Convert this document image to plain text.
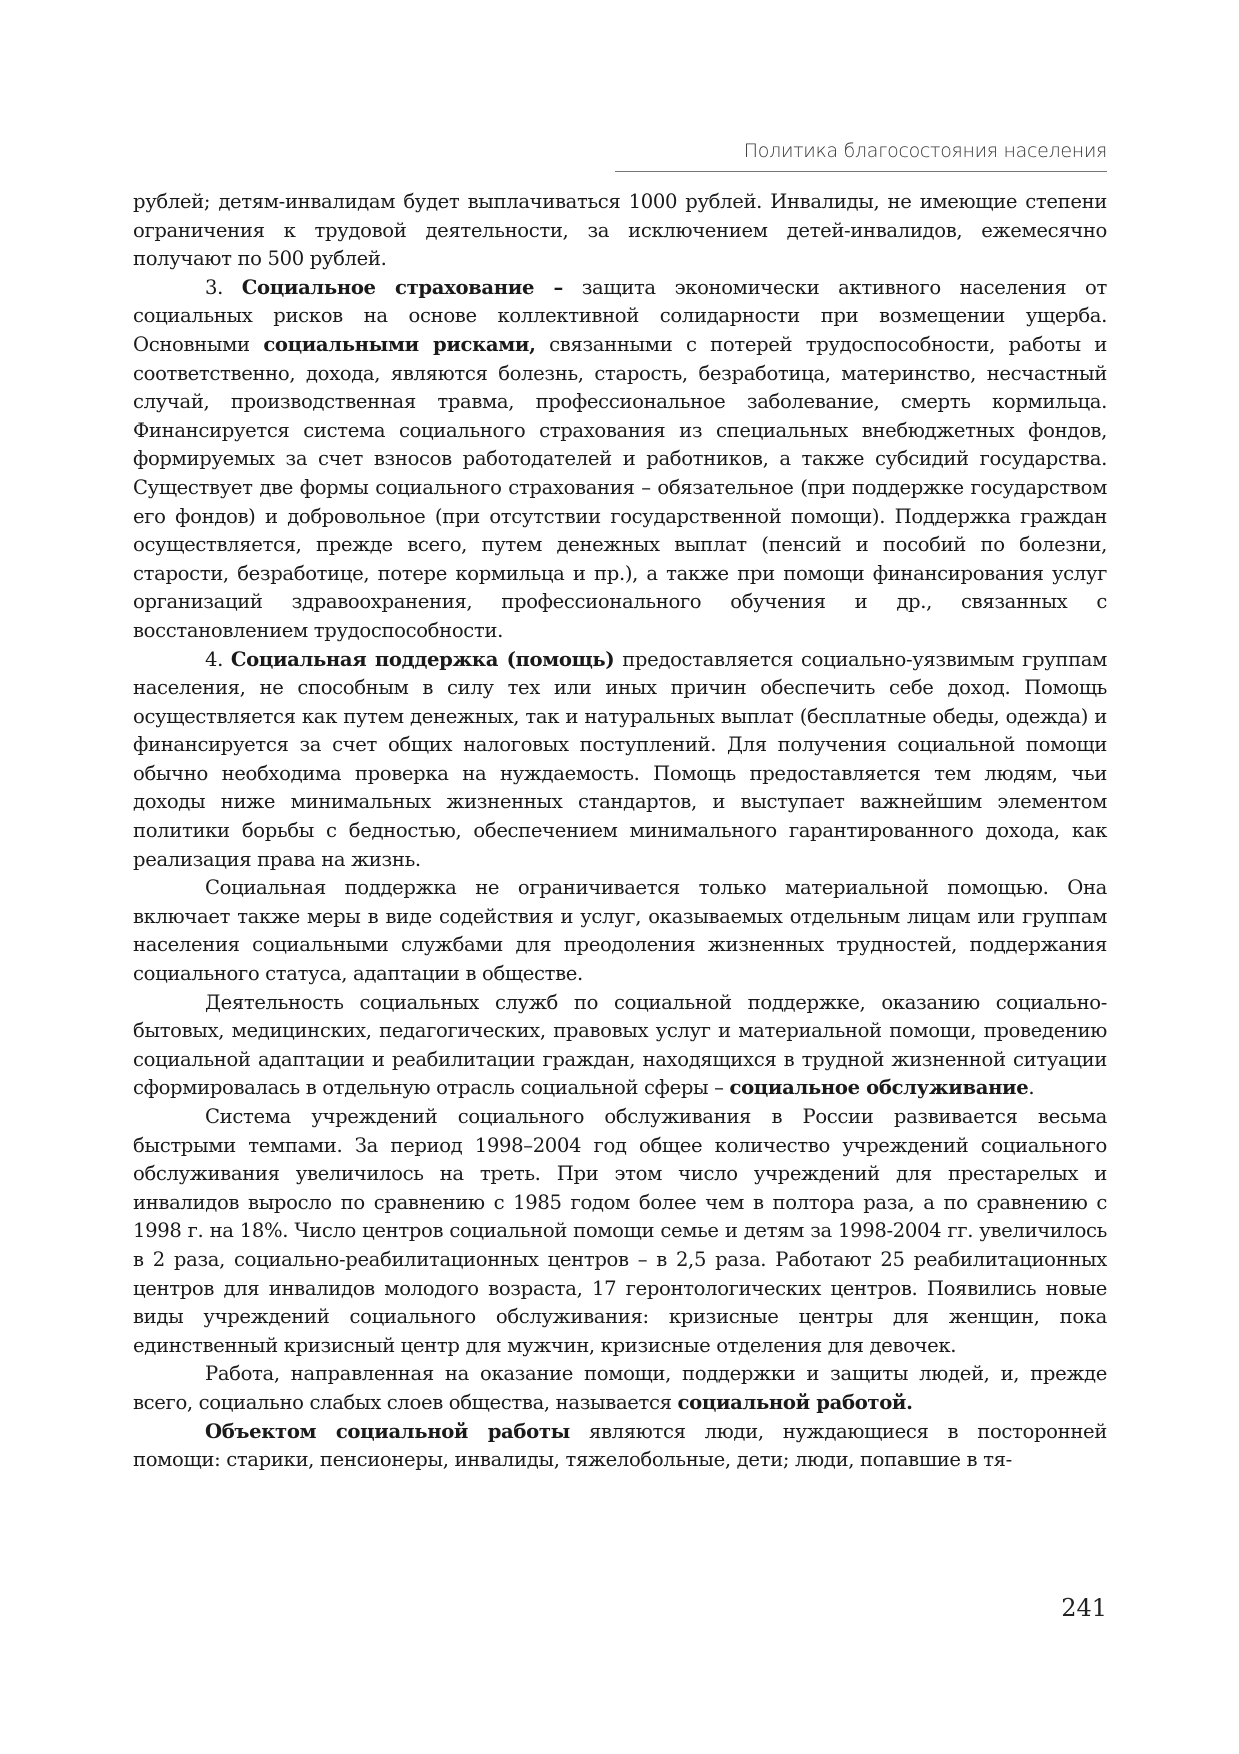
Политика благосостояния населения

рублей; детям-инвалидам будет выплачиваться 1000 рублей. Инвалиды, не имеющие степени ограничения к трудовой деятельности, за исключением детей-инвалидов, ежемесячно получают по 500 рублей.

3. Социальное страхование – защита экономически активного населения от социальных рисков на основе коллективной солидарности при возмещении ущерба. Основными социальными рисками, связанными с потерей трудоспособности, работы и соответственно, дохода, являются болезнь, старость, безработица, материнство, несчастный случай, производственная травма, профессиональное заболевание, смерть кормильца. Финансируется система социального страхования из специальных внебюджетных фондов, формируемых за счет взносов работодателей и работников, а также субсидий государства. Существует две формы социального страхования – обязательное (при поддержке государством его фондов) и добровольное (при отсутствии государственной помощи). Поддержка граждан осуществляется, прежде всего, путем денежных выплат (пенсий и пособий по болезни, старости, безработице, потере кормильца и пр.), а также при помощи финансирования услуг организаций здравоохранения, профессионального обучения и др., связанных с восстановлением трудоспособности.

4. Социальная поддержка (помощь) предоставляется социально-уязвимым группам населения, не способным в силу тех или иных причин обеспечить себе доход. Помощь осуществляется как путем денежных, так и натуральных выплат (бесплатные обеды, одежда) и финансируется за счет общих налоговых поступлений. Для получения социальной помощи обычно необходима проверка на нуждаемость. Помощь предоставляется тем людям, чьи доходы ниже минимальных жизненных стандартов, и выступает важнейшим элементом политики борьбы с бедностью, обеспечением минимального гарантированного дохода, как реализация права на жизнь.

Социальная поддержка не ограничивается только материальной помощью. Она включает также меры в виде содействия и услуг, оказываемых отдельным лицам или группам населения социальными службами для преодоления жизненных трудностей, поддержания социального статуса, адаптации в обществе.

Деятельность социальных служб по социальной поддержке, оказанию социально-бытовых, медицинских, педагогических, правовых услуг и материальной помощи, проведению социальной адаптации и реабилитации граждан, находящихся в трудной жизненной ситуации сформировалась в отдельную отрасль социальной сферы – социальное обслуживание.

Система учреждений социального обслуживания в России развивается весьма быстрыми темпами. За период 1998–2004 год общее количество учреждений социального обслуживания увеличилось на треть. При этом число учреждений для престарелых и инвалидов выросло по сравнению с 1985 годом более чем в полтора раза, а по сравнению с 1998 г. на 18%. Число центров социальной помощи семье и детям за 1998-2004 гг. увеличилось в 2 раза, социально-реабилитационных центров – в 2,5 раза. Работают 25 реабилитационных центров для инвалидов молодого возраста, 17 геронтологических центров. Появились новые виды учреждений социального обслуживания: кризисные центры для женщин, пока единственный кризисный центр для мужчин, кризисные отделения для девочек.

Работа, направленная на оказание помощи, поддержки и защиты людей, и, прежде всего, социально слабых слоев общества, называется социальной работой.

Объектом социальной работы являются люди, нуждающиеся в посторонней помощи: старики, пенсионеры, инвалиды, тяжелобольные, дети; люди, попавшие в тя-

241
